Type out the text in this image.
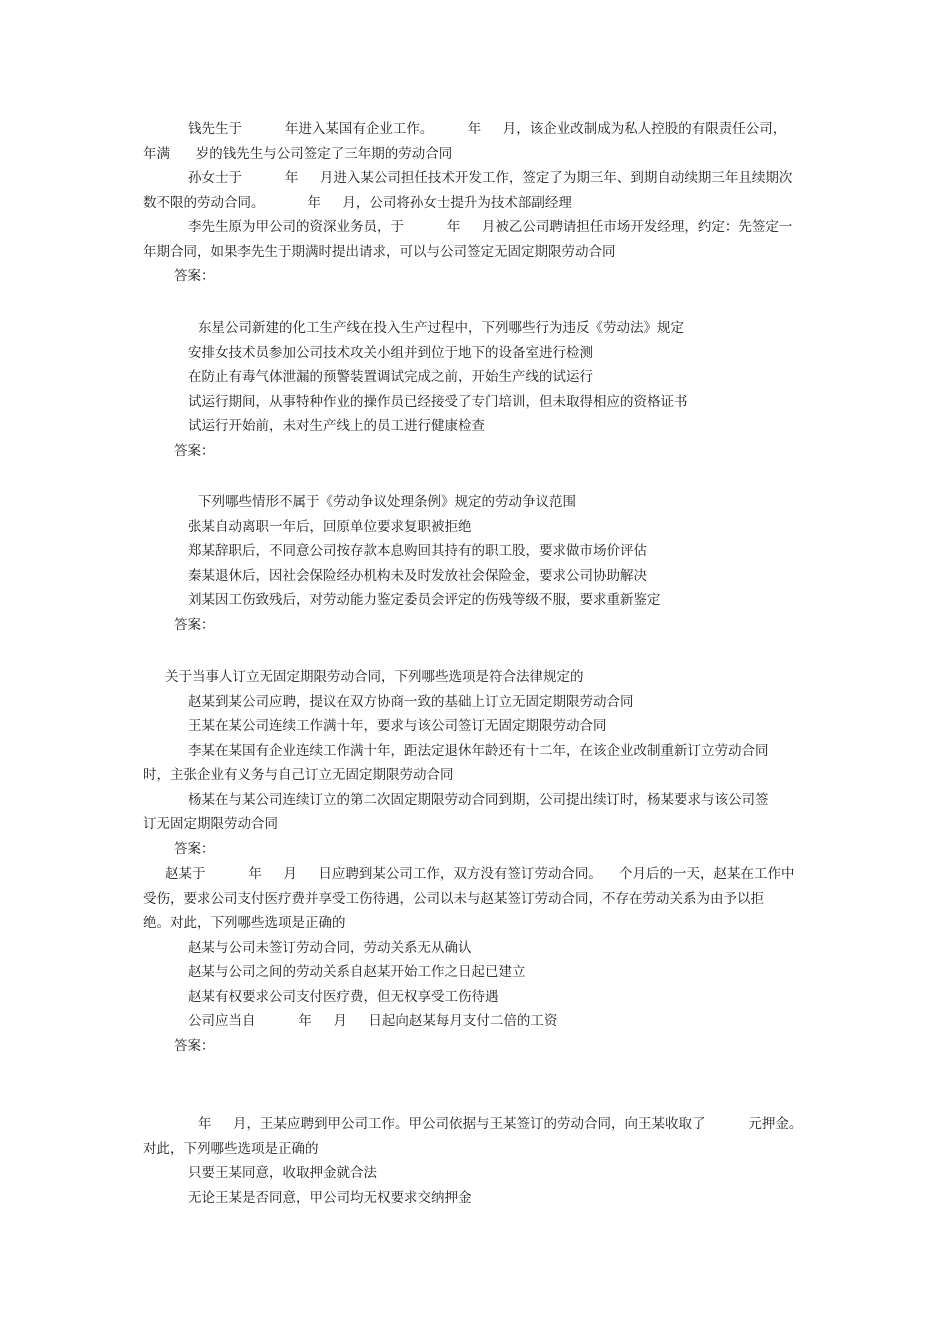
钱先生于          年进入某国有企业工作。        年     月，该企业改制成为私人控股的有限责任公司，

年满      岁的钱先生与公司签定了三年期的劳动合同

孙女士于          年     月进入某公司担任技术开发工作，签定了为期三年、到期自动续期三年且续期次

数不限的劳动合同。          年     月，公司将孙女士提升为技术部副经理

李先生原为甲公司的资深业务员，于          年     月被乙公司聘请担任市场开发经理，约定：先签定一

年期合同，如果李先生于期满时提出请求，可以与公司签定无固定期限劳动合同

答案：

东星公司新建的化工生产线在投入生产过程中，下列哪些行为违反《劳动法》规定

安排女技术员参加公司技术攻关小组并到位于地下的设备室进行检测

在防止有毒气体泄漏的预警装置调试完成之前，开始生产线的试运行

试运行期间，从事特种作业的操作员已经接受了专门培训，但未取得相应的资格证书

试运行开始前，未对生产线上的员工进行健康检查

答案：

下列哪些情形不属于《劳动争议处理条例》规定的劳动争议范围

张某自动离职一年后，回原单位要求复职被拒绝

郑某辞职后，不同意公司按存款本息购回其持有的职工股，要求做市场价评估

秦某退休后，因社会保险经办机构未及时发放社会保险金，要求公司协助解决

刘某因工伤致残后，对劳动能力鉴定委员会评定的伤残等级不服，要求重新鉴定

答案：

关于当事人订立无固定期限劳动合同，下列哪些选项是符合法律规定的

赵某到某公司应聘，提议在双方协商一致的基础上订立无固定期限劳动合同

王某在某公司连续工作满十年，要求与该公司签订无固定期限劳动合同

李某在某国有企业连续工作满十年，距法定退休年龄还有十二年，在该企业改制重新订立劳动合同

时，主张企业有义务与自己订立无固定期限劳动合同

杨某在与某公司连续订立的第二次固定期限劳动合同到期，公司提出续订时，杨某要求与该公司签

订无固定期限劳动合同

答案：

赵某于          年     月     日应聘到某公司工作，双方没有签订劳动合同。    个月后的一天，赵某在工作中

受伤，要求公司支付医疗费并享受工伤待遇，公司以未与赵某签订劳动合同，不存在劳动关系为由予以拒

绝。对此，下列哪些选项是正确的

赵某与公司未签订劳动合同，劳动关系无从确认

赵某与公司之间的劳动关系自赵某开始工作之日起已建立

赵某有权要求公司支付医疗费，但无权享受工伤待遇

公司应当自          年     月     日起向赵某每月支付二倍的工资

答案：

年     月，王某应聘到甲公司工作。甲公司依据与王某签订的劳动合同，向王某收取了          元押金。

对此，下列哪些选项是正确的

只要王某同意，收取押金就合法

无论王某是否同意，甲公司均无权要求交纳押金
